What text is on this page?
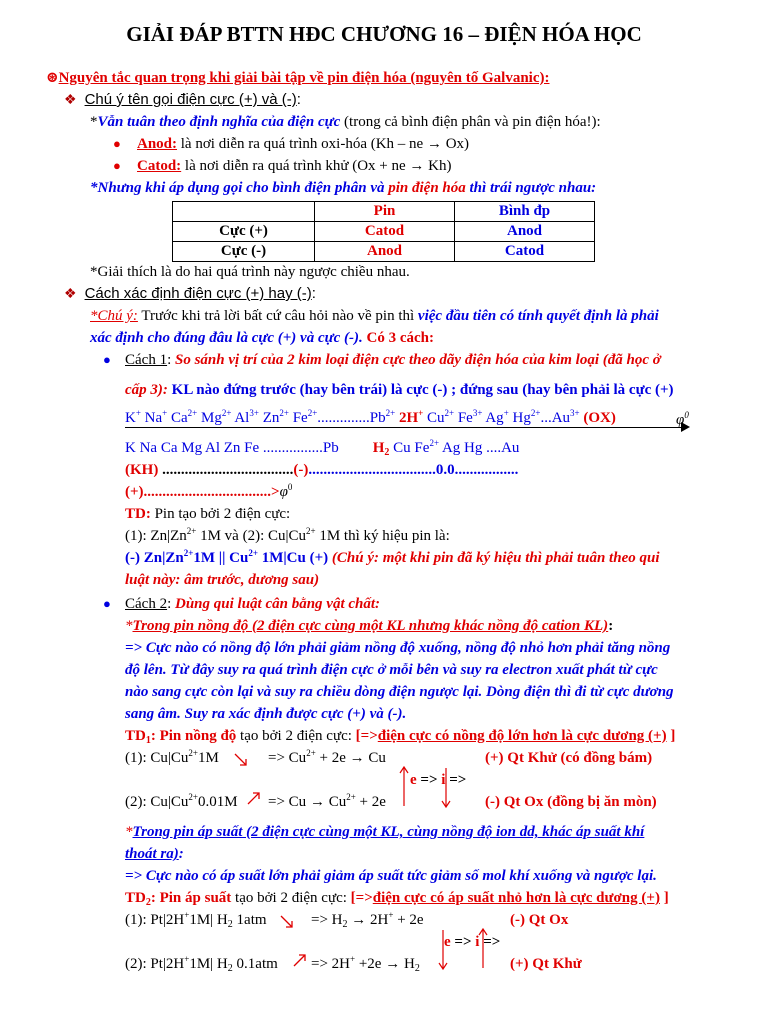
GIẢI ĐÁP BTTN HĐC CHƯƠNG 16 – ĐIỆN HÓA HỌC
⊛Nguyên tắc quan trọng khi giải bài tập về pin điện hóa (nguyên tố Galvanic):
❖ Chú ý tên gọi điện cực (+) và (-):
*Vẫn tuân theo định nghĩa của điện cực (trong cả bình điện phân và pin điện hóa!):
● Anod: là nơi diễn ra quá trình oxi-hóa (Kh – ne → Ox)
● Catod: là nơi diễn ra quá trình khử (Ox + ne → Kh)
*Nhưng khi áp dụng gọi cho bình điện phân và pin điện hóa thì trái ngược nhau:
	Pin	Bình đp
Cực (+)	Catod	Anod
Cực (-)	Anod	Catod
*Giải thích là do hai quá trình này ngược chiều nhau.
❖ Cách xác định điện cực (+) hay (-):
*Chú ý: Trước khi trả lời bất cứ câu hỏi nào về pin thì việc đầu tiên có tính quyết định là phải
xác định cho đúng đâu là cực (+) và cực (-). Có 3 cách:
● Cách 1: So sánh vị trí của 2 kim loại điện cực theo dãy điện hóa của kim loại (đã học ở
cấp 3): KL nào đứng trước (hay bên trái) là cực (-) ; đứng sau (hay bên phải là cực (+)
K+ Na+ $Ca^{2+}$ $Mg^{2+}$ $Al^{3+}$ $Zn^{2+}$ $Fe^{2+}..............Pb^{2+}$ 2H+ $Cu^{2+}$ $Fe^{3+}$ Ag+ $Hg^{2+}...Au^{3+}$ (OX)	$\varphi^0$
K Na Ca Mg Al Zn Fe ................Pb $H_2$ Cu $Fe^{2+}$ Ag Hg ....Au
(KH) ...................................(-)..................................0.0.................
$(+)..................................>\varphi^0$
TD: Pin tạo bởi 2 điện cực:
(1): $Zn|Zn^{2+}$ 1M và (2): $Cu|Cu^{2+}$ 1M thì ký hiệu pin là:
(-) $Zn|Zn^{2+}1M$ || $Cu^{2+}$ 1M|Cu (+) (Chú ý: một khi pin đã ký hiệu thì phải tuân theo qui
luật này: âm trước, dương sau)
● Cách 2: Dùng qui luật cân bằng vật chất:
*Trong pin nồng độ (2 điện cực cùng một KL nhưng khác nồng độ cation KL):
=> Cực nào có nồng độ lớn phải giảm nồng độ xuống, nồng độ nhỏ hơn phải tăng nồng
độ lên. Từ đây suy ra quá trình điện cực ở mỗi bên và suy ra electron xuất phát từ cực
nào sang cực còn lại và suy ra chiều dòng điện ngược lại. Dòng điện thì đi từ cực dương
sang âm. Suy ra xác định được cực (+) và (-).
$TD_1$: Pin nồng độ tạo bởi 2 điện cực: [=>điện cực có nồng độ lớn hơn là cực dương (+) ]
(1): $Cu|Cu^{2+}1M$	=> $Cu^{2+} + 2e \to Cu$	(+) Qt Khử (có đồng bám)
e => i =>
(2): $Cu|Cu^{2+}0.01M => Cu \to Cu^{2+} + 2e$	(-) Qt Ox (đồng bị ăn mòn)
*Trong pin áp suất (2 điện cực cùng một KL, cùng nồng độ ion dd, khác áp suất khí
thoát ra):
=> Cực nào có áp suất lớn phải giảm áp suất tức giảm số mol khí xuống và ngược lại.
$TD_2$: Pin áp suất tạo bởi 2 điện cực: [=>điện cực có áp suất nhỏ hơn là cực dương (+) ]
(1): Pt|2H+1M| $H_2$ 1atm	=> $H_2 \to 2H^+ + 2e$	(-) Qt Ox
e => i =>
(2): Pt|2H+1M| $H_2$ $0.1atm => 2H^+ +2e \to H_2$	(+) Qt Khử
